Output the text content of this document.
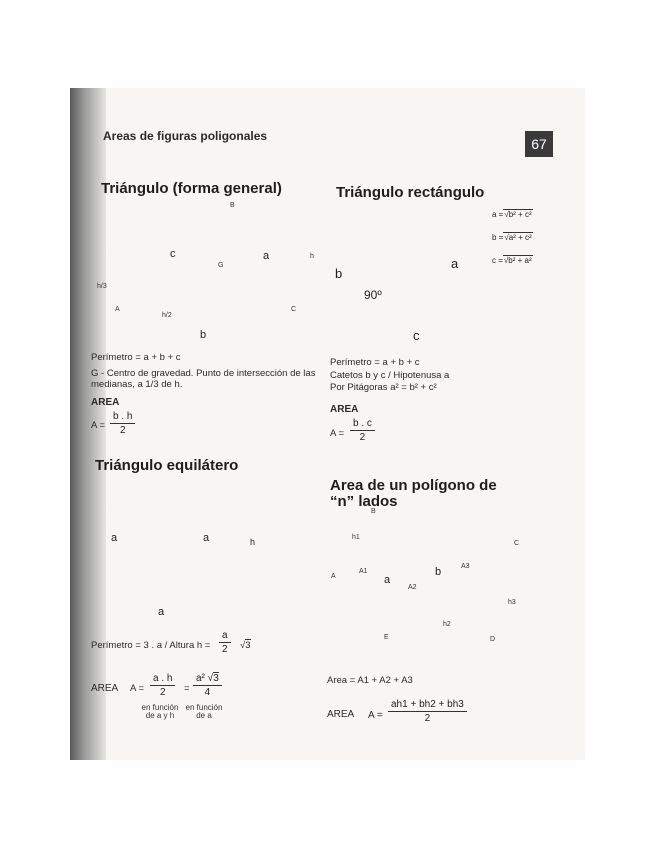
Areas de figuras poligonales	67
Triángulo (forma general)
B
A	C
G
c	a	h
h/3
h/2
b
Perímetro = a + b + c
G - Centro de gravedad. Punto de intersección de las medianas, a 1/3 de h.
AREA
$A = \frac{b . h}{2}$
Triángulo rectángulo
a =√b² + c²
b =√a² + c²
c =√b² + a²
b
a
c
90º
Perímetro = a + b + c
Catetos b y c / Hipotenusa a
Por Pitágoras a² = b² + c²
AREA
$A = \frac{b . c}{2}$
Triángulo equilátero
a	a
a
h
Perímetro = 3 . a / Altura $h = \frac{a}{2} √3$
AREA $A = \frac{a . h}{2} = \frac{\text{a² √3}}{4}$
en función de a y h
en función de a
Area de un polígono de
“n” lados
B
C
D
E
A	a
b
h1
h2
h3
A1
A2
A3
Area = A1 + A2 + A3
AREA $A = \frac{ah1 + bh2 + bh3}{2}$
